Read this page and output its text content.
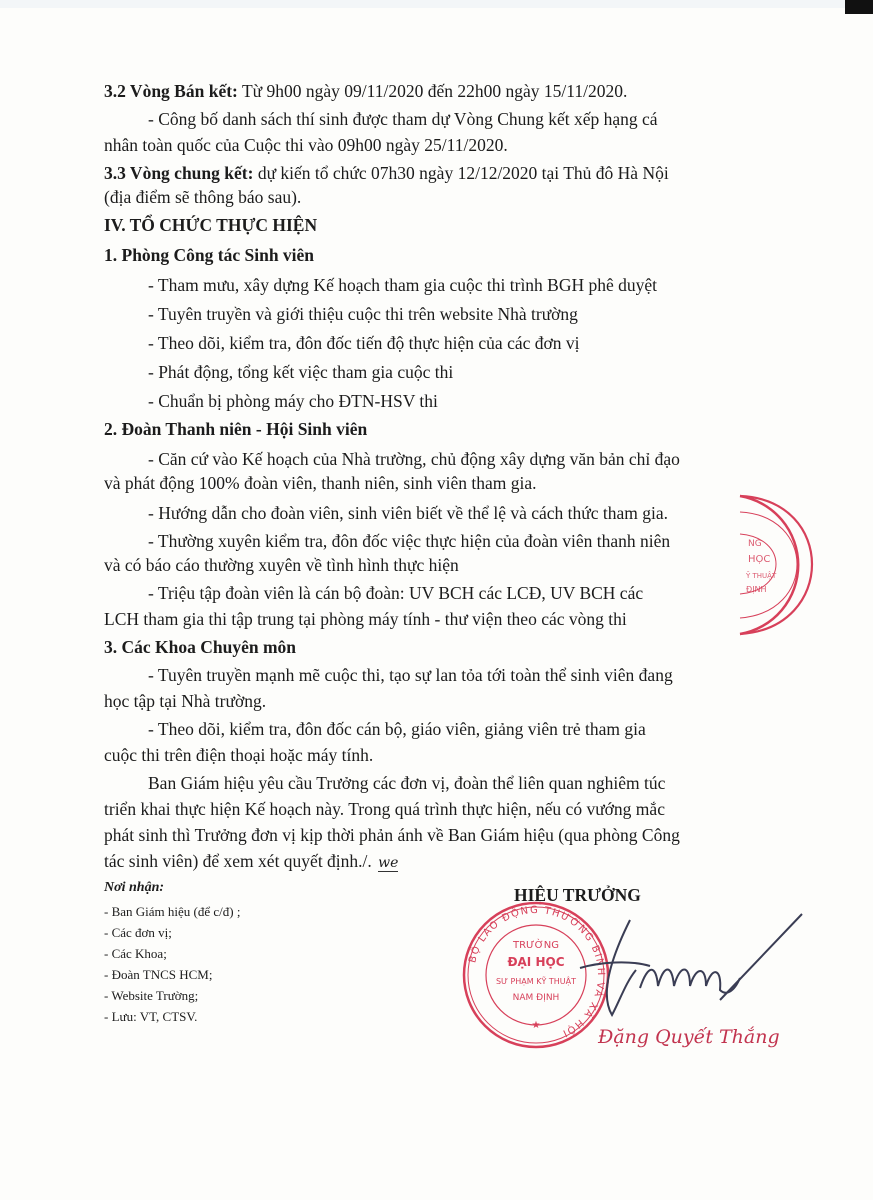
3.2 Vòng Bán kết: Từ 9h00 ngày 09/11/2020 đến 22h00 ngày 15/11/2020.
- Công bố danh sách thí sinh được tham dự Vòng Chung kết xếp hạng cá
nhân toàn quốc của Cuộc thi vào 09h00 ngày 25/11/2020.
3.3 Vòng chung kết: dự kiến tổ chức 07h30 ngày 12/12/2020 tại Thủ đô Hà Nội
(địa điểm sẽ thông báo sau).
IV. TỔ CHỨC THỰC HIỆN
1. Phòng Công tác Sinh viên
- Tham mưu, xây dựng Kế hoạch tham gia cuộc thi trình BGH phê duyệt
- Tuyên truyền và giới thiệu cuộc thi trên website Nhà trường
- Theo dõi, kiểm tra, đôn đốc tiến độ thực hiện của các đơn vị
- Phát động, tổng kết việc tham gia cuộc thi
- Chuẩn bị phòng máy cho ĐTN-HSV thi
2. Đoàn Thanh niên - Hội Sinh viên
- Căn cứ vào Kế hoạch của Nhà trường, chủ động xây dựng văn bản chỉ đạo
và phát động 100% đoàn viên, thanh niên, sinh viên tham gia.
- Hướng dẫn cho đoàn viên, sinh viên biết về thể lệ và cách thức tham gia.
- Thường xuyên kiểm tra, đôn đốc việc thực hiện của đoàn viên thanh niên
và có báo cáo thường xuyên về tình hình thực hiện
- Triệu tập đoàn viên là cán bộ đoàn: UV BCH các LCĐ, UV BCH các
LCH tham gia thi tập trung tại phòng máy tính - thư viện theo các vòng thi
3. Các Khoa Chuyên môn
- Tuyên truyền mạnh mẽ cuộc thi, tạo sự lan tỏa tới toàn thể sinh viên đang
học tập tại Nhà trường.
- Theo dõi, kiểm tra, đôn đốc cán bộ, giáo viên, giảng viên trẻ tham gia
cuộc thi trên điện thoại hoặc máy tính.
Ban Giám hiệu yêu cầu Trưởng các đơn vị, đoàn thể liên quan nghiêm túc
triển khai thực hiện Kế hoạch này. Trong quá trình thực hiện, nếu có vướng mắc
phát sinh thì Trưởng đơn vị kịp thời phản ánh về Ban Giám hiệu (qua phòng Công
tác sinh viên) để xem xét quyết định./. we
Nơi nhận:
- Ban Giám hiệu (để c/đ) ;
- Các đơn vị;
- Các Khoa;
- Đoàn TNCS HCM;
- Website Trường;
- Lưu: VT, CTSV.
HIỆU TRƯỞNG
BỘ LAO ĐỘNG THƯƠNG BINH VÀ XÃ HỘI
TRƯỜNG
ĐẠI HỌC
SƯ PHẠM KỸ THUẬT
NAM ĐỊNH
★
NG
HỌC
Ỹ THUẬT
ĐỊNH
Đặng Quyết Thắng
